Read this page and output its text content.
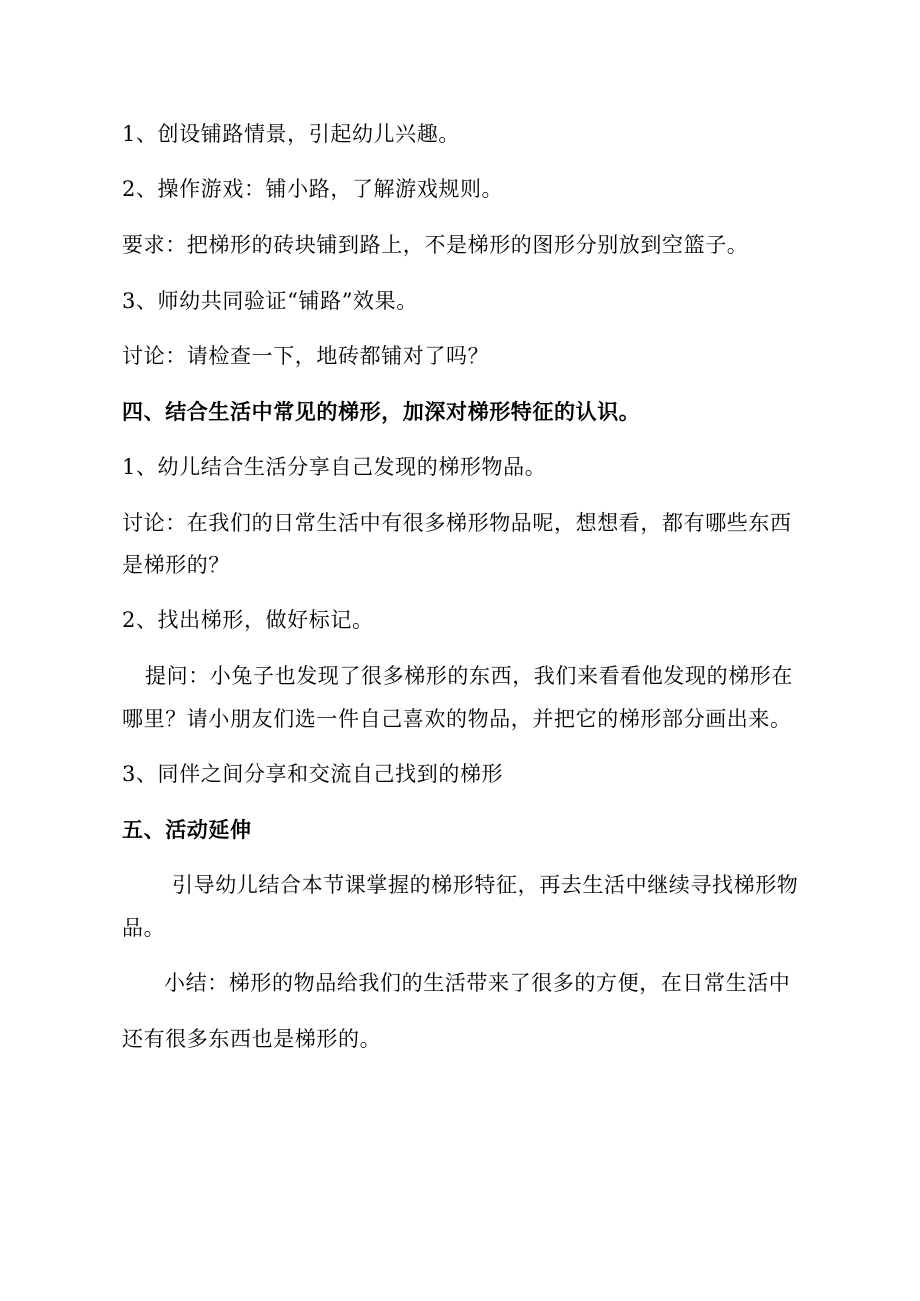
1、创设铺路情景，引起幼儿兴趣。
2、操作游戏：铺小路，了解游戏规则。
要求：把梯形的砖块铺到路上，不是梯形的图形分别放到空篮子。
3、师幼共同验证“铺路”效果。
讨论：请检查一下，地砖都铺对了吗？
四、结合生活中常见的梯形，加深对梯形特征的认识。
1、幼儿结合生活分享自己发现的梯形物品。
讨论：在我们的日常生活中有很多梯形物品呢，想想看，都有哪些东西
是梯形的？
2、找出梯形，做好标记。
提问：小兔子也发现了很多梯形的东西，我们来看看他发现的梯形在
哪里？请小朋友们选一件自己喜欢的物品，并把它的梯形部分画出来。
3、同伴之间分享和交流自己找到的梯形
五、活动延伸
引导幼儿结合本节课掌握的梯形特征，再去生活中继续寻找梯形物
品。
小结：梯形的物品给我们的生活带来了很多的方便，在日常生活中
还有很多东西也是梯形的。
